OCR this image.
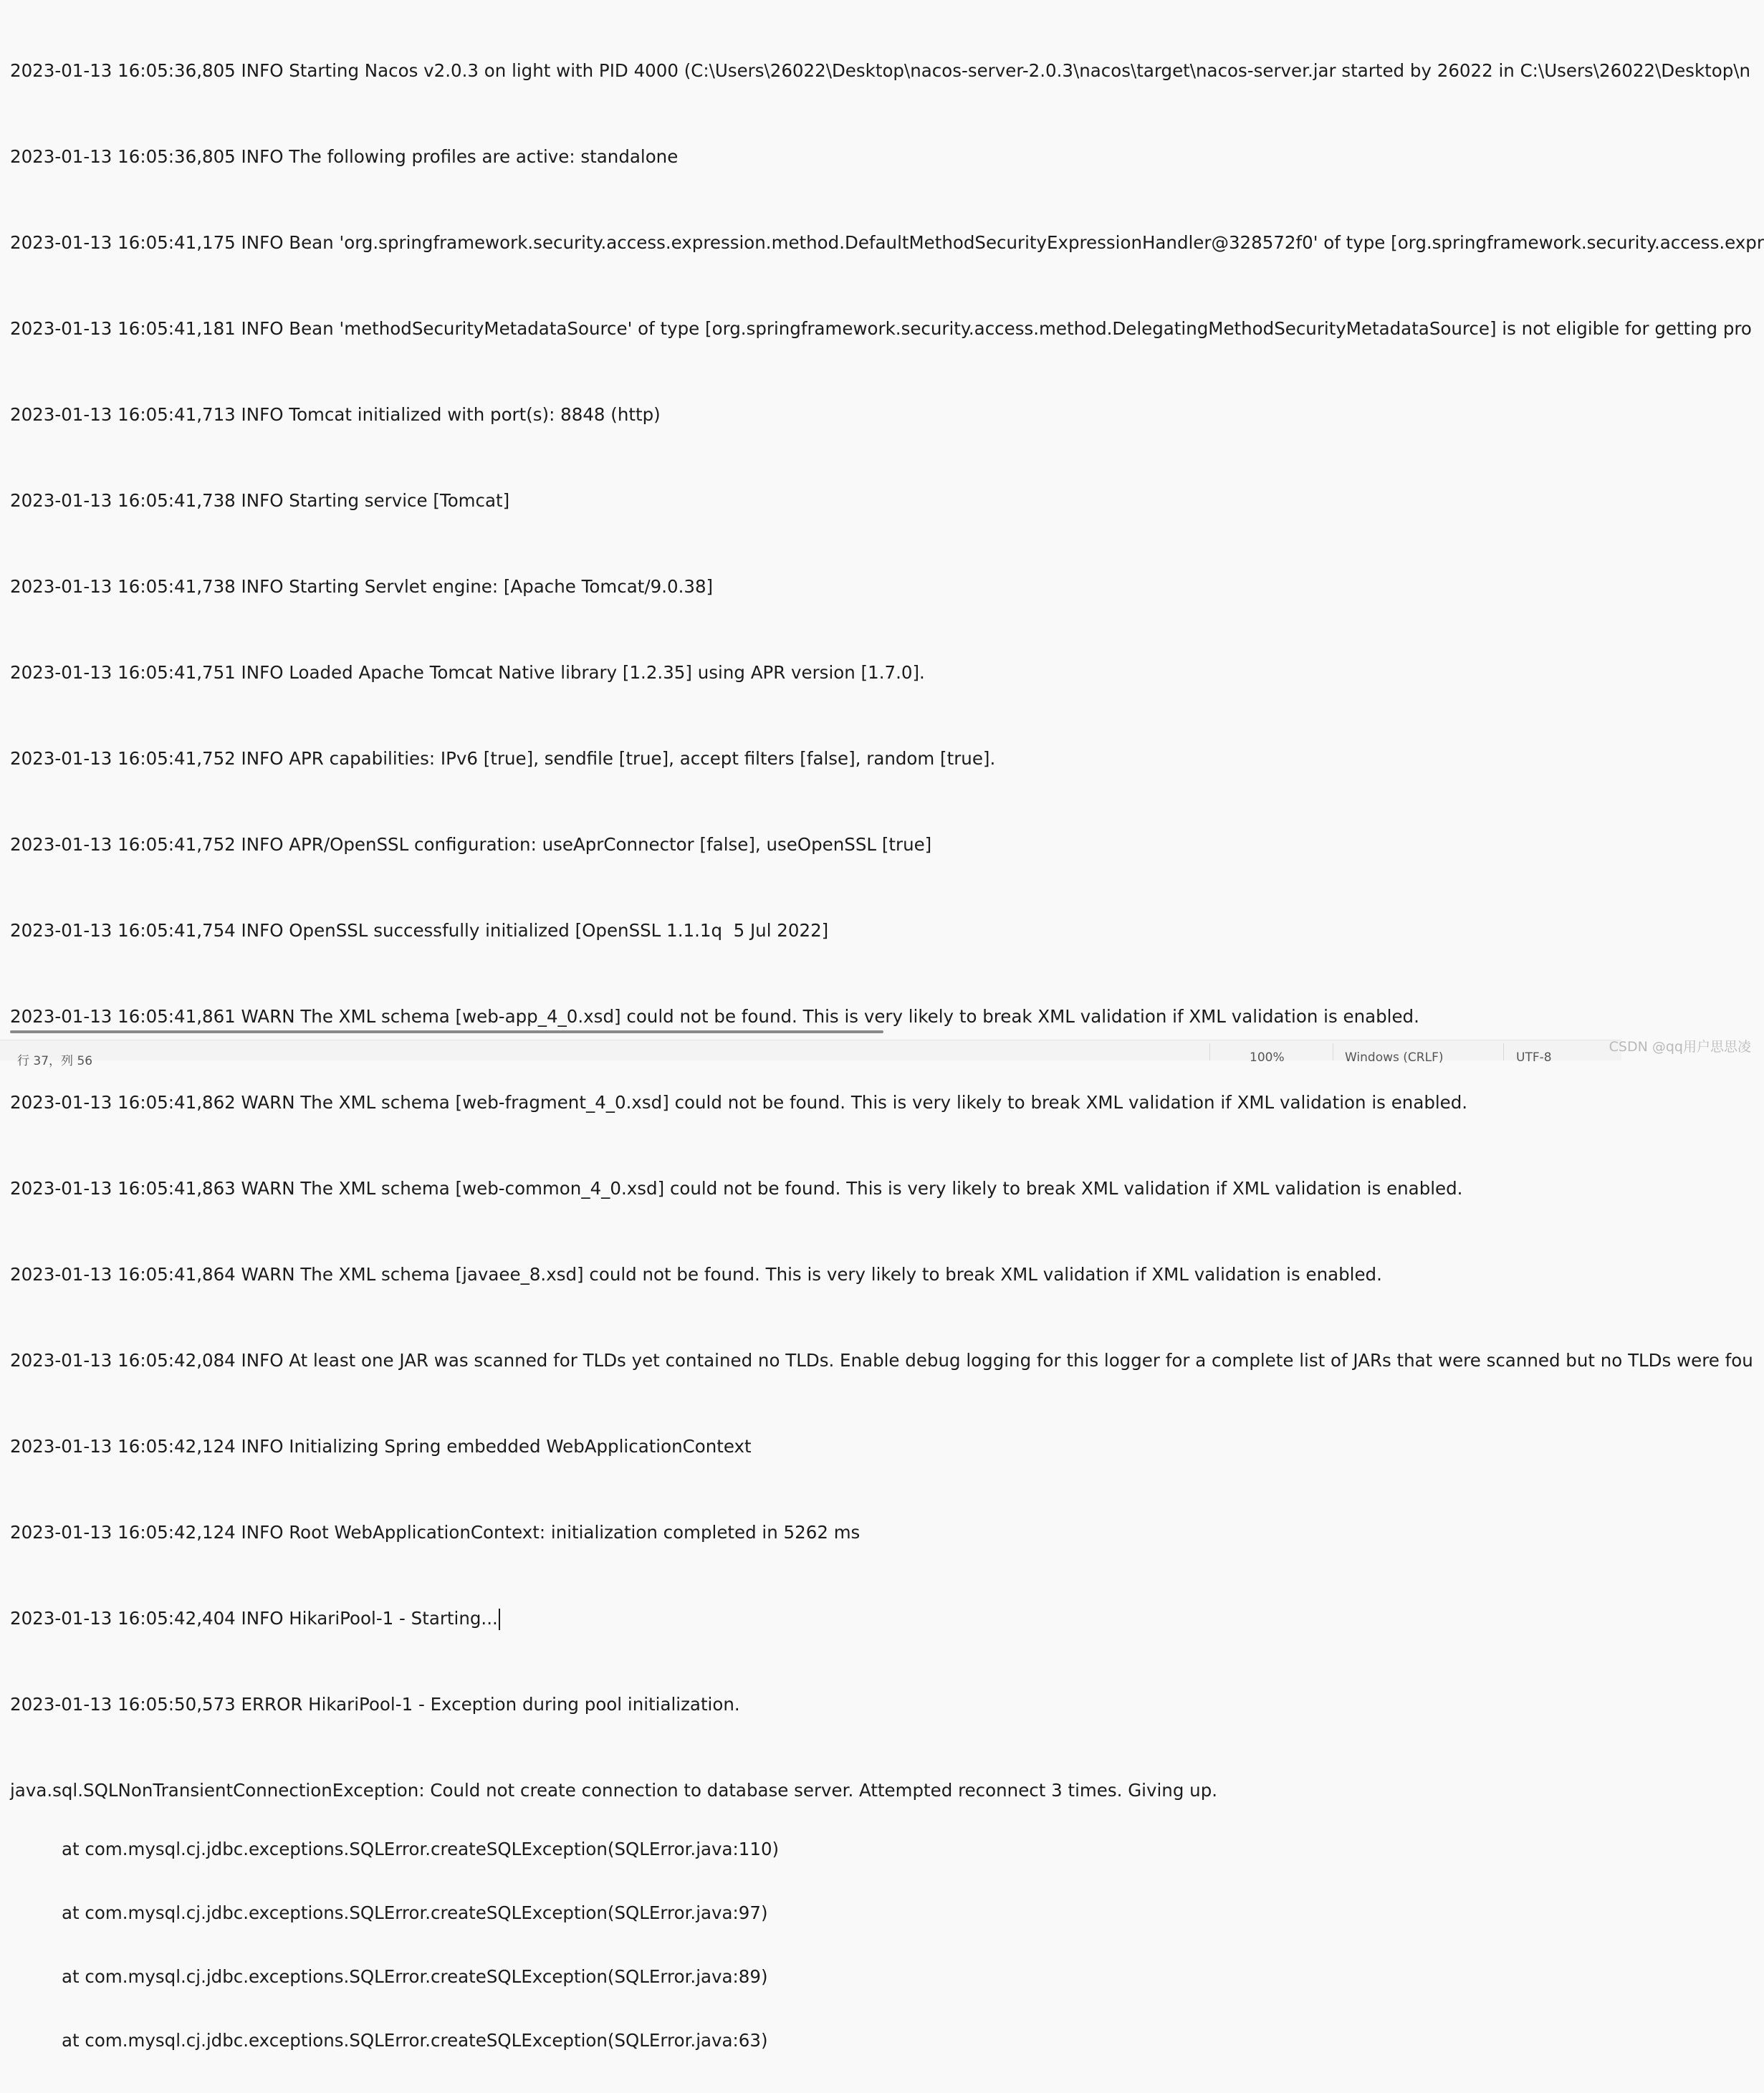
2023-01-13 16:05:36,805 INFO Starting Nacos v2.0.3 on light with PID 4000 (C:\Users\26022\Desktop\nacos-server-2.0.3\nacos\target\nacos-server.jar started by 26022 in C:\Users\26022\Desktop\n

2023-01-13 16:05:36,805 INFO The following profiles are active: standalone

2023-01-13 16:05:41,175 INFO Bean 'org.springframework.security.access.expression.method.DefaultMethodSecurityExpressionHandler@328572f0' of type [org.springframework.security.access.expr

2023-01-13 16:05:41,181 INFO Bean 'methodSecurityMetadataSource' of type [org.springframework.security.access.method.DelegatingMethodSecurityMetadataSource] is not eligible for getting pro

2023-01-13 16:05:41,713 INFO Tomcat initialized with port(s): 8848 (http)

2023-01-13 16:05:41,738 INFO Starting service [Tomcat]

2023-01-13 16:05:41,738 INFO Starting Servlet engine: [Apache Tomcat/9.0.38]

2023-01-13 16:05:41,751 INFO Loaded Apache Tomcat Native library [1.2.35] using APR version [1.7.0].

2023-01-13 16:05:41,752 INFO APR capabilities: IPv6 [true], sendfile [true], accept filters [false], random [true].

2023-01-13 16:05:41,752 INFO APR/OpenSSL configuration: useAprConnector [false], useOpenSSL [true]

2023-01-13 16:05:41,754 INFO OpenSSL successfully initialized [OpenSSL 1.1.1q  5 Jul 2022]

2023-01-13 16:05:41,861 WARN The XML schema [web-app_4_0.xsd] could not be found. This is very likely to break XML validation if XML validation is enabled.

2023-01-13 16:05:41,862 WARN The XML schema [web-fragment_4_0.xsd] could not be found. This is very likely to break XML validation if XML validation is enabled.

2023-01-13 16:05:41,863 WARN The XML schema [web-common_4_0.xsd] could not be found. This is very likely to break XML validation if XML validation is enabled.

2023-01-13 16:05:41,864 WARN The XML schema [javaee_8.xsd] could not be found. This is very likely to break XML validation if XML validation is enabled.

2023-01-13 16:05:42,084 INFO At least one JAR was scanned for TLDs yet contained no TLDs. Enable debug logging for this logger for a complete list of JARs that were scanned but no TLDs were fou

2023-01-13 16:05:42,124 INFO Initializing Spring embedded WebApplicationContext

2023-01-13 16:05:42,124 INFO Root WebApplicationContext: initialization completed in 5262 ms

2023-01-13 16:05:42,404 INFO HikariPool-1 - Starting...

2023-01-13 16:05:50,573 ERROR HikariPool-1 - Exception during pool initialization.

java.sql.SQLNonTransientConnectionException: Could not create connection to database server. Attempted reconnect 3 times. Giving up.

at com.mysql.cj.jdbc.exceptions.SQLError.createSQLException(SQLError.java:110)

at com.mysql.cj.jdbc.exceptions.SQLError.createSQLException(SQLError.java:97)

at com.mysql.cj.jdbc.exceptions.SQLError.createSQLException(SQLError.java:89)

at com.mysql.cj.jdbc.exceptions.SQLError.createSQLException(SQLError.java:63)

行 37，列 56	100%	Windows (CRLF)	UTF-8
CSDN @qq用户思思凌
